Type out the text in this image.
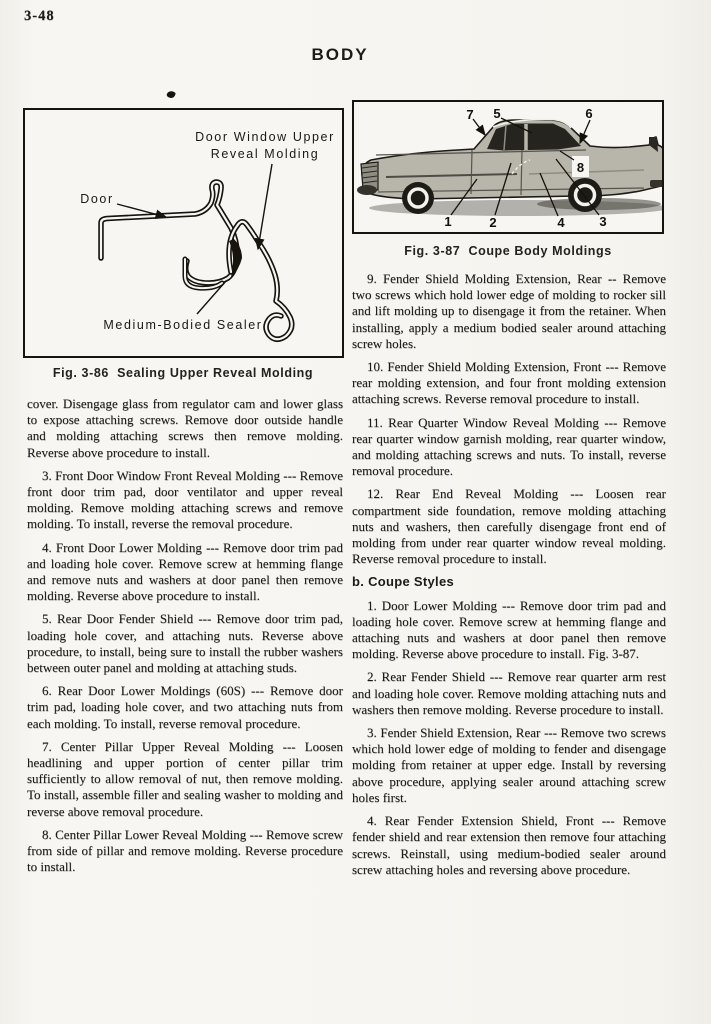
3-48
BODY
Door Window Upper
Reveal Molding
Door
Medium-Bodied Sealer
Fig. 3-86  Sealing Upper Reveal Molding
1	2	3
4
5	6
7
8
Fig. 3-87  Coupe Body Moldings

cover. Disengage glass from regulator cam and lower glass to expose attaching screws. Remove door outside handle and molding attaching screws then remove molding. Reverse above procedure to install.

3. Front Door Window Front Reveal Molding --- Remove front door trim pad, door ventilator and upper reveal molding. Remove molding attaching screws and remove molding. To install, reverse the removal procedure.

4. Front Door Lower Molding --- Remove door trim pad and loading hole cover. Remove screw at hemming flange and remove nuts and washers at door panel then remove molding. Reverse above procedure to install.

5. Rear Door Fender Shield --- Remove door trim pad, loading hole cover, and attaching nuts. Reverse above procedure, to install, being sure to install the rubber washers between outer panel and molding at attaching studs.

6. Rear Door Lower Moldings (60S) --- Remove door trim pad, loading hole cover, and two attaching nuts from each molding. To install, reverse removal procedure.

7. Center Pillar Upper Reveal Molding --- Loosen headlining and upper portion of center pillar trim sufficiently to allow removal of nut, then remove molding. To install, assemble filler and sealing washer to molding and reverse above removal procedure.

8. Center Pillar Lower Reveal Molding --- Remove screw from side of pillar and remove molding. Reverse procedure to install.

9. Fender Shield Molding Extension, Rear -- Remove two screws which hold lower edge of molding to rocker sill and lift molding up to disengage it from the retainer. When installing, apply a medium bodied sealer around attaching screw holes.

10. Fender Shield Molding Extension, Front --- Remove rear molding extension, and four front molding extension attaching screws. Reverse removal procedure to install.

11. Rear Quarter Window Reveal Molding --- Remove rear quarter window garnish molding, rear quarter window, and molding attaching screws and nuts. To install, reverse removal procedure.

12. Rear End Reveal Molding --- Loosen rear compartment side foundation, remove molding attaching nuts and washers, then carefully disengage front end of molding from under rear quarter window reveal molding. Reverse removal procedure to install.

b. Coupe Styles

1. Door Lower Molding --- Remove door trim pad and loading hole cover. Remove screw at hemming flange and attaching nuts and washers at door panel then remove molding. Reverse above procedure to install. Fig. 3-87.

2. Rear Fender Shield --- Remove rear quarter arm rest and loading hole cover. Remove molding attaching nuts and washers then remove molding. Reverse procedure to install.

3. Fender Shield Extension, Rear --- Remove two screws which hold lower edge of molding to fender and disengage molding from retainer at upper edge. Install by reversing above procedure, applying sealer around attaching screw holes first.

4. Rear Fender Extension Shield, Front --- Remove fender shield and rear extension then remove four attaching screws. Reinstall, using medium-bodied sealer around screw attaching holes and reversing above procedure.
